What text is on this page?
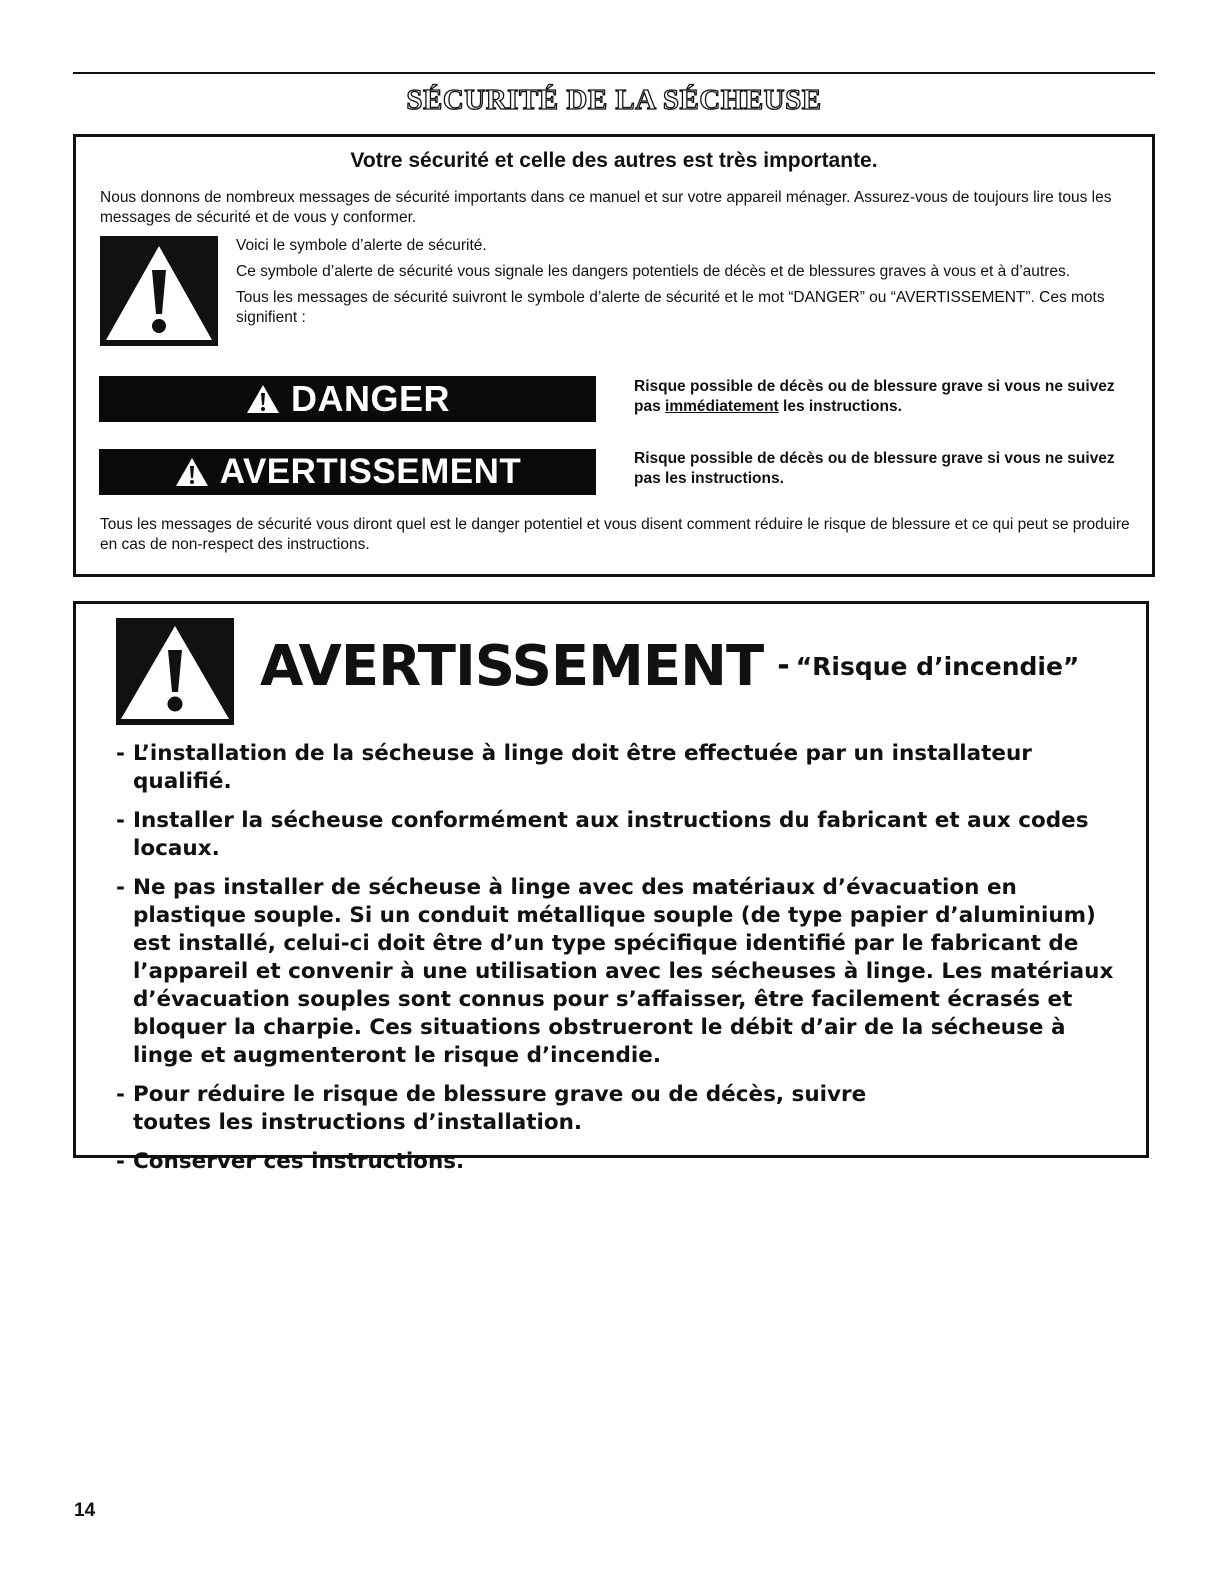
SÉCURITÉ DE LA SÉCHEUSE
Votre sécurité et celle des autres est très importante.
Nous donnons de nombreux messages de sécurité importants dans ce manuel et sur votre appareil ménager. Assurez-vous de toujours lire tous les messages de sécurité et de vous y conformer.

Voici le symbole d’alerte de sécurité.

Ce symbole d’alerte de sécurité vous signale les dangers potentiels de décès et de blessures graves à vous et à d’autres.

Tous les messages de sécurité suivront le symbole d’alerte de sécurité et le mot “DANGER” ou “AVERTISSEMENT”. Ces mots signifient :

DANGER	Risque possible de décès ou de blessure grave si vous ne suivez pas immédiatement les instructions.
AVERTISSEMENT	Risque possible de décès ou de blessure grave si vous ne suivez pas les instructions.
Tous les messages de sécurité vous diront quel est le danger potentiel et vous disent comment réduire le risque de blessure et ce qui peut se produire en cas de non-respect des instructions.
AVERTISSEMENT - “Risque d’incendie”
- L’installation de la sécheuse à linge doit être effectuée par un installateur qualifié.
- Installer la sécheuse conformément aux instructions du fabricant et aux codes locaux.
- Ne pas installer de sécheuse à linge avec des matériaux d’évacuation en plastique souple. Si un conduit métallique souple (de type papier d’aluminium) est installé, celui-ci doit être d’un type spécifique identifié par le fabricant de l’appareil et convenir à une utilisation avec les sécheuses à linge. Les matériaux d’évacuation souples sont connus pour s’affaisser, être facilement écrasés et bloquer la charpie. Ces situations obstrueront le débit d’air de la sécheuse à linge et augmenteront le risque d’incendie.
- Pour réduire le risque de blessure grave ou de décès, suivre toutes les instructions d’installation.
- Conserver ces instructions.
14
